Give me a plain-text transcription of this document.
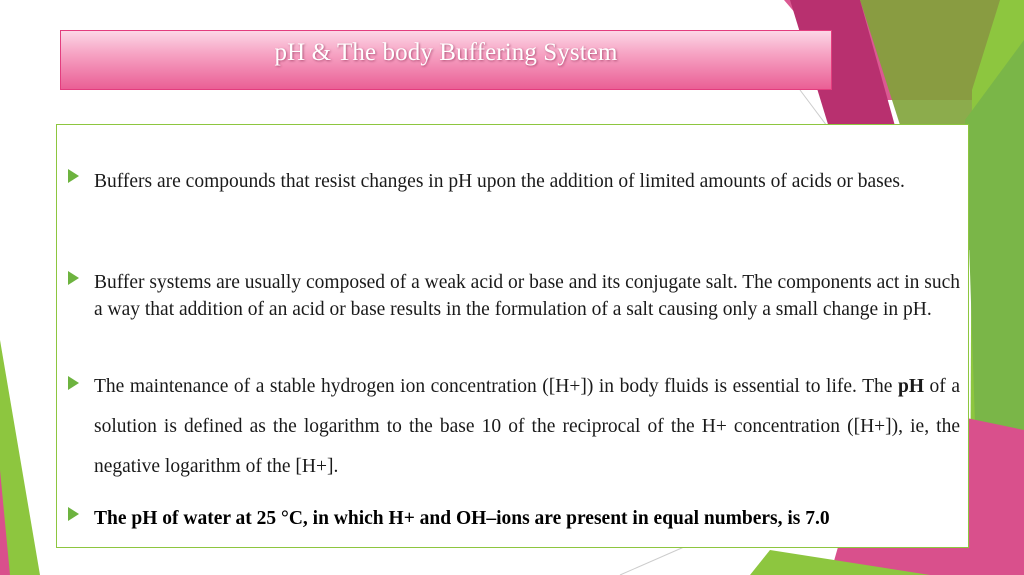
pH & The body Buffering System
Buffers are compounds that resist changes in pH upon the addition of limited amounts of acids or bases.
Buffer systems are usually composed of a weak acid or base and its conjugate salt. The components act in such a way that addition of an acid or base results in the formulation of a salt causing only a small change in pH.
The maintenance of a stable hydrogen ion concentration ([H+]) in body fluids is essential to life. The pH of a solution is defined as the logarithm to the base 10 of the reciprocal of the H+ concentration ([H+]), ie, the negative logarithm of the [H+].
The pH of water at 25 °C, in which H+ and OH–ions are present in equal numbers, is 7.0
